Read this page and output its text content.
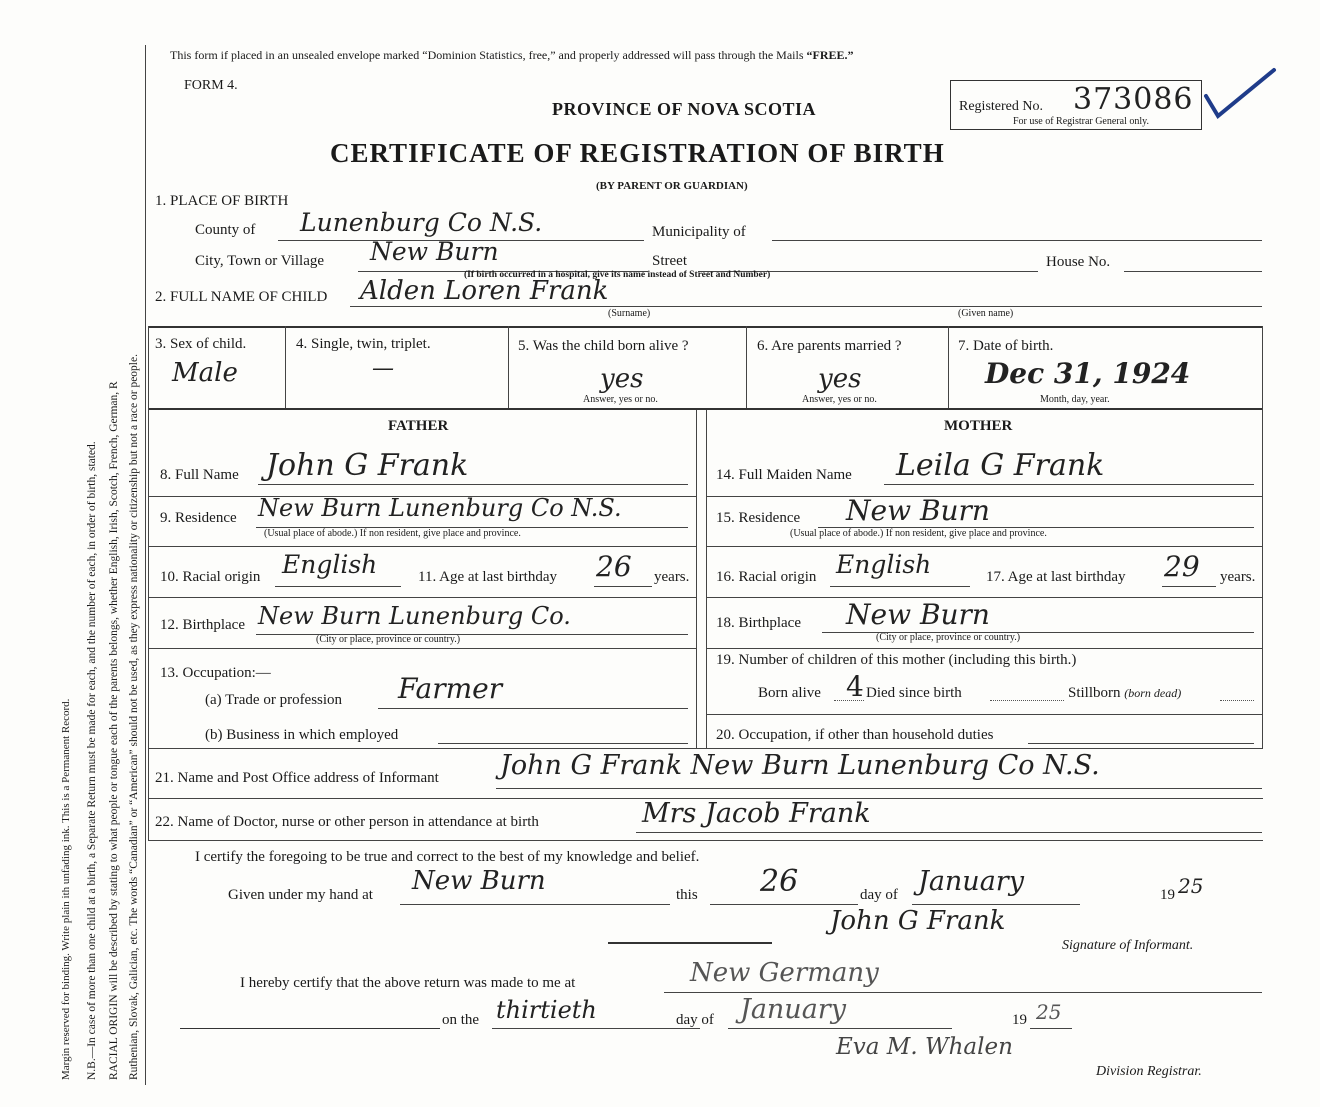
Margin reserved for binding. Write plain ith unfading ink. This is a Permanent Record. N.B.—In case of more than one child at a birth, a Separate Return must be made for each, and the number of each, in order of birth, stated. RACIAL ORIGIN will be described by stating to what people or tongue each of the parents belongs, whether English, Irish, Scotch, French, German, R Ruthenian, Slovak, Galician, etc. The words “Canadian” or “American” should not be used, as they express nationality or citizenship but not a race or people.
This form if placed in an unsealed envelope marked “Dominion Statistics, free,” and properly addressed will pass through the Mails “FREE.”
FORM 4.
PROVINCE OF NOVA SCOTIA	Registered No. 373086
For use of Registrar General only.
CERTIFICATE OF REGISTRATION OF BIRTH
(BY PARENT OR GUARDIAN)
1. PLACE OF BIRTH
County of Lunenburg Co N.S.	Municipality of
City, Town or Village New Burn	Street	House No.
(If birth occurred in a hospital, give its name instead of Street and Number)
2. FULL NAME OF CHILD Alden Loren Frank
(Surname)	(Given name)
3. Sex of child.
Male
4. Single, twin, triplet.
—
5. Was the child born alive ?
yes
Answer, yes or no.
6. Are parents married ?
yes
Answer, yes or no.
7. Date of birth.
Dec 31, 1924
Month, day, year.
FATHER	MOTHER
8. Full Name John G Frank
9. Residence New Burn Lunenburg Co N.S.
(Usual place of abode.) If non resident, give place and province.
10. Racial origin English	11. Age at last birthday 26 years.
12. Birthplace New Burn Lunenburg Co.
(City or place, province or country.)
13. Occupation:—
(a) Trade or profession Farmer
(b) Business in which employed
14. Full Maiden Name Leila G Frank
15. Residence New Burn
(Usual place of abode.) If non resident, give place and province.
16. Racial origin English	17. Age at last birthday 29 years.
18. Birthplace New Burn
(City or place, province or country.)
19. Number of children of this mother (including this birth.)
Born alive 4 Died since birth	Stillborn (born dead)
20. Occupation, if other than household duties
21. Name and Post Office address of Informant John G Frank New Burn Lunenburg Co N.S.
22. Name of Doctor, nurse or other person in attendance at birth	Mrs Jacob Frank
I certify the foregoing to be true and correct to the best of my knowledge and belief.
Given under my hand at New Burn	this 26	day of January	19 25
John G Frank
Signature of Informant.
I hereby certify that the above return was made to me at	New Germany
on the thirtieth	day of January	19 25
Eva M. Whalen
Division Registrar.
